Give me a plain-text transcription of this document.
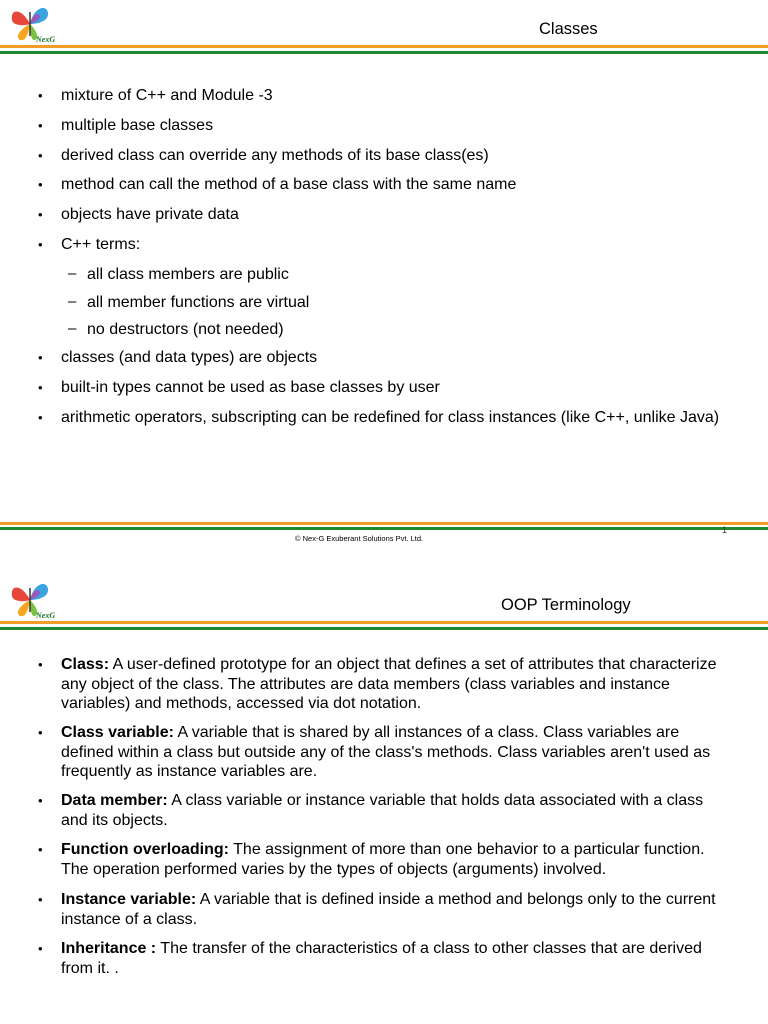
NexG
Classes
• mixture of C++ and Module -3
• multiple base classes
• derived class can override any methods of its base class(es)
• method can call the method of a base class with the same name
• objects have private data
• C++ terms:
– all class members are public
– all member functions are virtual
– no destructors (not needed)
• classes (and data types) are objects
• built-in types cannot be used as base classes by user
• arithmetic operators, subscripting can be redefined for class instances (like C++, unlike Java)
1
© Nex-G Exuberant Solutions Pvt. Ltd.
NexG
OOP Terminology
• Class: A user-defined prototype for an object that defines a set of attributes that characterize any object of the class. The attributes are data members (class variables and instance variables) and methods, accessed via dot notation.
• Class variable: A variable that is shared by all instances of a class. Class variables are defined within a class but outside any of the class's methods. Class variables aren't used as frequently as instance variables are.
• Data member: A class variable or instance variable that holds data associated with a class and its objects.
• Function overloading: The assignment of more than one behavior to a particular function. The operation performed varies by the types of objects (arguments) involved.
• Instance variable: A variable that is defined inside a method and belongs only to the current instance of a class.
• Inheritance : The transfer of the characteristics of a class to other classes that are derived from it. .
